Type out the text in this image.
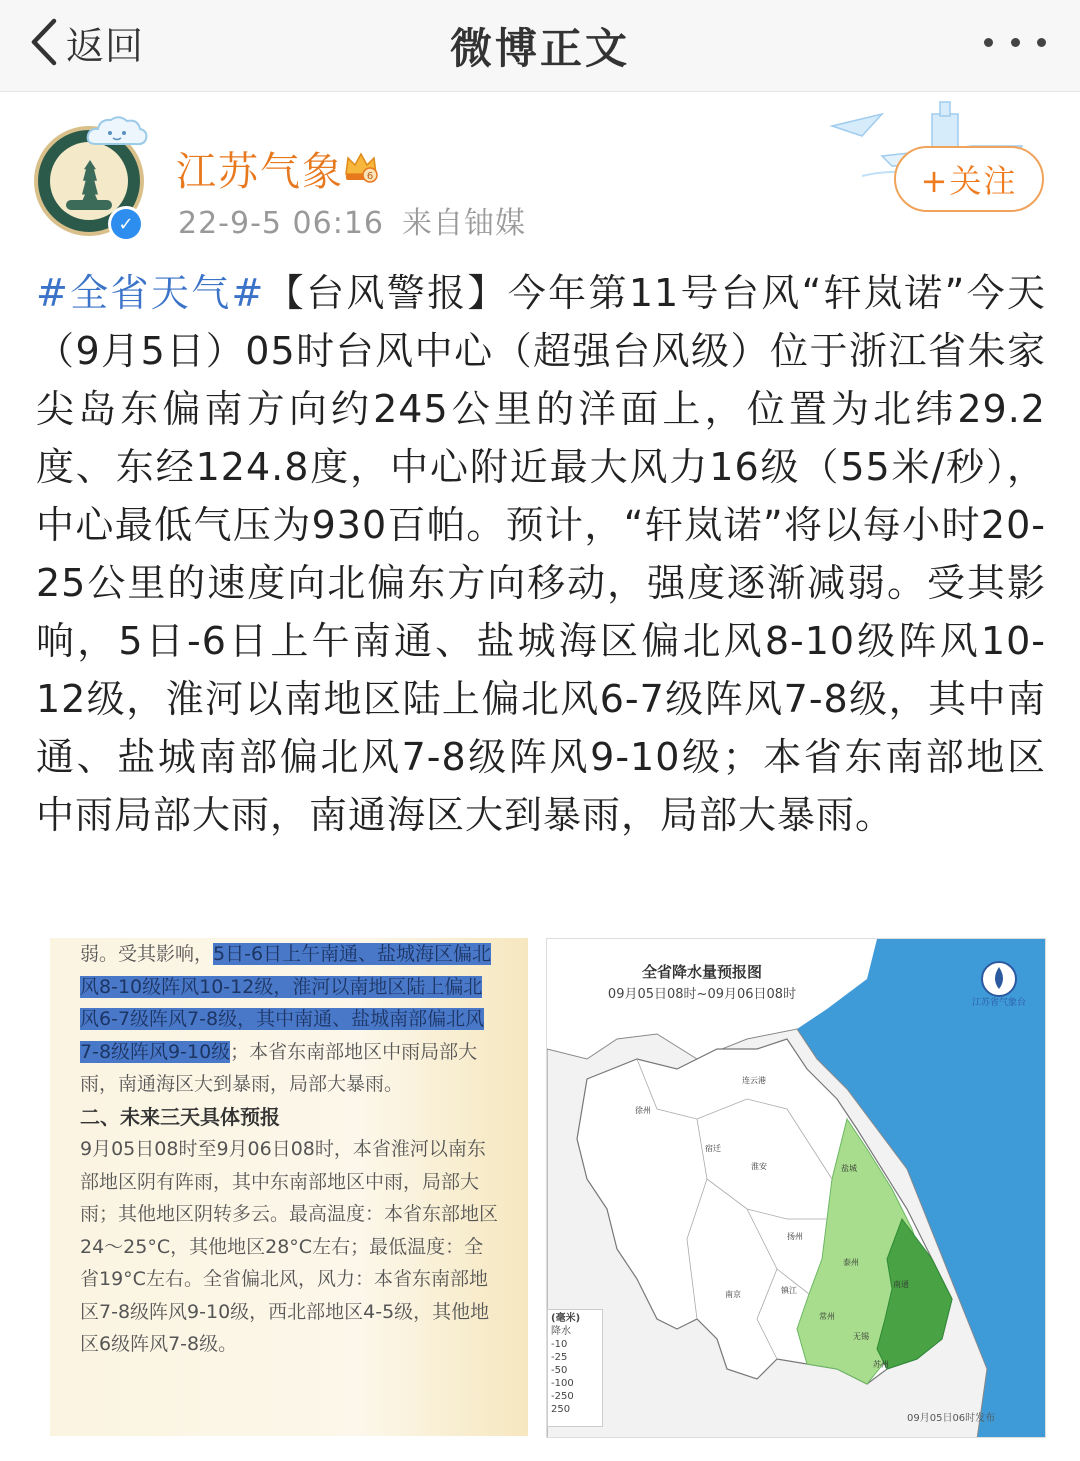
返回	微博正文
✓
江苏气象 6
22-9-5 06:16 来自铀媒
+关注
#全省天气#【台风警报】今年第11号台风“轩岚诺”今天（9月5日）05时台风中心（超强台风级）位于浙江省朱家尖岛东偏南方向约245公里的洋面上，位置为北纬29.2度、东经124.8度，中心附近最大风力16级（55米/秒），中心最低气压为930百帕。预计，“轩岚诺”将以每小时20-25公里的速度向北偏东方向移动，强度逐渐减弱。受其影响，5日-6日上午南通、盐城海区偏北风8-10级阵风10-12级，淮河以南地区陆上偏北风6-7级阵风7-8级，其中南通、盐城南部偏北风7-8级阵风9-10级；本省东南部地区中雨局部大雨，南通海区大到暴雨，局部大暴雨。
弱。受其影响，5日-6日上午南通、盐城海区偏北风8-10级阵风10-12级，淮河以南地区陆上偏北风6-7级阵风7-8级，其中南通、盐城南部偏北风7-8级阵风9-10级；本省东南部地区中雨局部大雨，南通海区大到暴雨，局部大暴雨。
二、未来三天具体预报
9月05日08时至9月06日08时，本省淮河以南东部地区阴有阵雨，其中东南部地区中雨，局部大雨；其他地区阴转多云。最高温度：本省东部地区24～25°C，其他地区28°C左右；最低温度：全省19°C左右。全省偏北风，风力：本省东南部地区7-8级阵风9-10级，西北部地区4-5级，其他地区6级阵风7-8级。
全省降水量预报图
09月05日08时~09月06日08时
江苏省气象台
连云港
徐州
宿迁
淮安	盐城
扬州
泰州
南京	镇江
常州
无锡
南通
苏州
(毫米)
降水
-10
-25
-50
-100
-250
250
09月05日06时发布
